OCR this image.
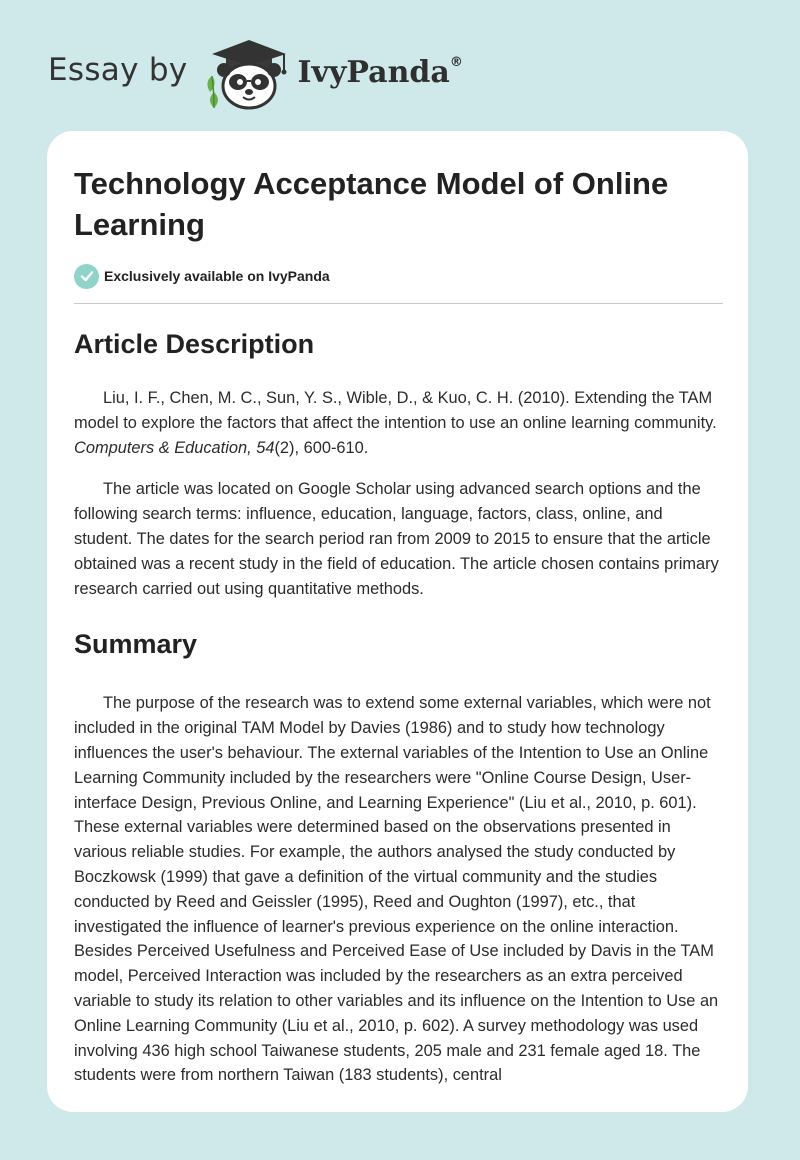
Essay by	IvyPanda®
Technology Acceptance Model of Online Learning
Exclusively available on IvyPanda
Article Description

Liu, I. F., Chen, M. C., Sun, Y. S., Wible, D., & Kuo, C. H. (2010). Extending the TAM model to explore the factors that affect the intention to use an online learning community. Computers & Education, 54(2), 600-610.

The article was located on Google Scholar using advanced search options and the following search terms: influence, education, language, factors, class, online, and student. The dates for the search period ran from 2009 to 2015 to ensure that the article obtained was a recent study in the field of education. The article chosen contains primary research carried out using quantitative methods.

Summary

The purpose of the research was to extend some external variables, which were not included in the original TAM Model by Davies (1986) and to study how technology influences the user's behaviour. The external variables of the Intention to Use an Online Learning Community included by the researchers were "Online Course Design, User-interface Design, Previous Online, and Learning Experience" (Liu et al., 2010, p. 601). These external variables were determined based on the observations presented in various reliable studies. For example, the authors analysed the study conducted by Boczkowsk (1999) that gave a definition of the virtual community and the studies conducted by Reed and Geissler (1995), Reed and Oughton (1997), etc., that investigated the influence of learner's previous experience on the online interaction. Besides Perceived Usefulness and Perceived Ease of Use included by Davis in the TAM model, Perceived Interaction was included by the researchers as an extra perceived variable to study its relation to other variables and its influence on the Intention to Use an Online Learning Community (Liu et al., 2010, p. 602). A survey methodology was used involving 436 high school Taiwanese students, 205 male and 231 female aged 18. The students were from northern Taiwan (183 students), central
